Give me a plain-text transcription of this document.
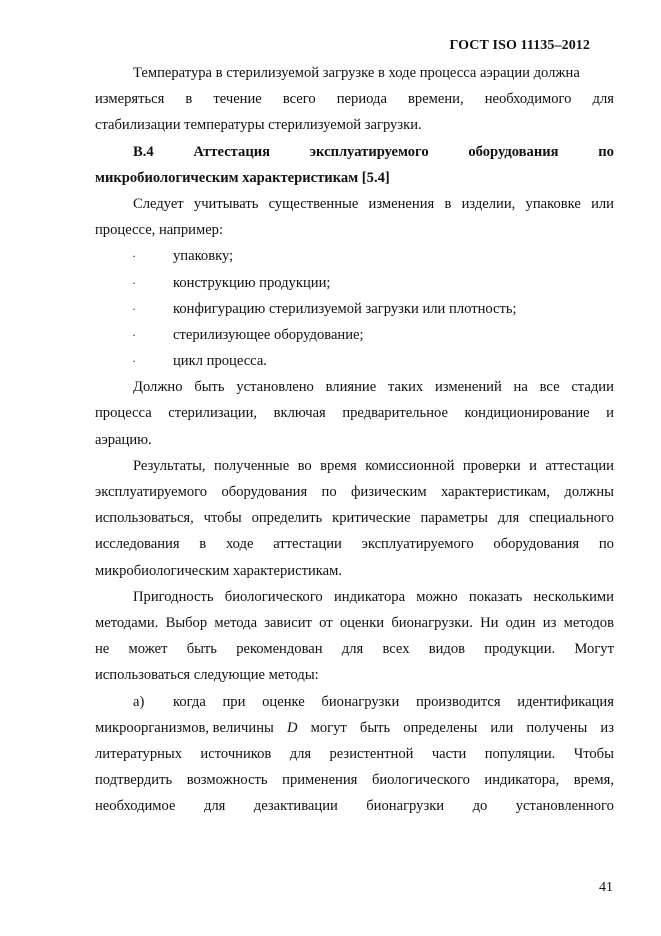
ГОСТ ISO 11135–2012
Температура в стерилизуемой загрузке в ходе процесса аэрации должна
измеряться в течение всего периода времени, необходимого для
стабилизации температуры стерилизуемой загрузки.
В.4	Аттестация	эксплуатируемого	оборудования	по
микробиологическим характеристикам [5.4]
Следует учитывать существенные изменения в изделии, упаковке или
процессе, например:
·	упаковку;
·	конструкцию продукции;
·	конфигурацию стерилизуемой загрузки или плотность;
·	стерилизующее оборудование;
·	цикл процесса.
Должно быть установлено влияние таких изменений на все стадии
процесса стерилизации, включая предварительное кондиционирование и
аэрацию.
Результаты, полученные во время комиссионной проверки и аттестации
эксплуатируемого оборудования по физическим характеристикам, должны
использоваться, чтобы определить критические параметры для специального
исследования в ходе аттестации эксплуатируемого оборудования по
микробиологическим характеристикам.
Пригодность биологического индикатора можно показать несколькими
методами. Выбор метода зависит от оценки бионагрузки. Ни один из методов
не может быть рекомендован для всех видов продукции. Могут
использоваться следующие методы:
а)	когда при оценке бионагрузки производится идентификация
микроорганизмов, величины D могут быть определены или получены из
литературных источников для резистентной части популяции. Чтобы
подтвердить возможность применения биологического индикатора, время,
необходимое для дезактивации бионагрузки до установленного
41
